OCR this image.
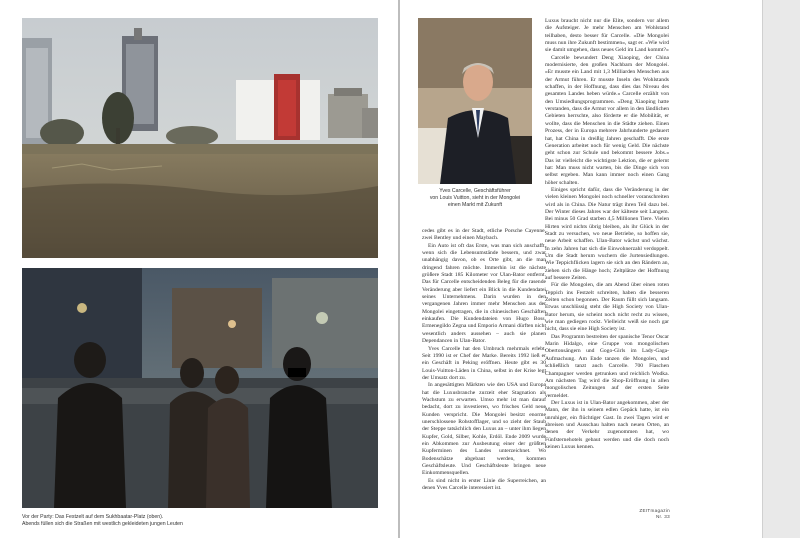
Vor der Party: Das Festzelt auf dem Sukhbaatar-Platz (oben).
Abends füllen sich die Straßen mit westlich gekleideten jungen Leuten
Yves Carcelle, Geschäftsführer
von Louis Vuitton, sieht in der Mongolei
einen Markt mit Zukunft

cedes gibt es in der Stadt, etliche Porsche Cayenne, zwei Bentley und einen Maybach.

Ein Auto ist oft das Erste, was man sich anschafft, wenn sich die Lebensumstände bessern, und zwar unabhängig davon, ob es Orte gibt, an die man dringend fahren möchte. Immerhin ist die nächste größere Stadt 185 Kilometer vor Ulan-Bator entfernt. Das für Carcelle entscheidenden Beleg für die rasende Veränderung aber liefert ein Blick in die Kundendatei seines Unternehmens. Darin wurden in den vergangenen Jahren immer mehr Menschen aus der Mongolei eingetragen, die in chinesischen Geschäften einkaufen. Die Kundendateien von Hugo Boss, Ermenegildo Zegna und Emporio Armani dürften nicht wesentlich anders aussehen – auch sie planen Dependancen in Ulan-Bator.

Yves Carcelle hat den Umbruch mehrmals erlebt. Seit 1990 ist er Chef der Marke. Bereits 1992 ließ er ein Geschäft in Peking eröffnen. Heute gibt es 30 Louis-Vuitton-Läden in China, selbst in der Krise legt der Umsatz dort zu.

In angesättigten Märkten wie den USA und Europa hat die Luxusbranche zurzeit eher Stagnation als Wachstum zu erwarten. Umso mehr ist man darauf bedacht, dort zu investieren, wo frisches Geld neue Kunden verspricht. Die Mongolei besitzt enorme unerschlossene Rohstofflager, und so zieht der Staub der Steppe tatsächlich den Luxus an – unter ihm liegen Kupfer, Gold, Silber, Kohle, Erdöl. Ende 2009 wurde ein Abkommen zur Ausbeutung einer der größten Kupferminen des Landes unterzeichnet. Wo Bodenschätze abgebaut werden, kommen Geschäftsleute. Und Geschäftsleute bringen neue Einkommensquellen.

Es sind nicht in erster Linie die Superreichen, an denen Yves Carcelle interessiert ist.

Luxus braucht nicht nur die Elite, sondern vor allem die Aufsteiger. Je mehr Menschen am Wohlstand teilhaben, desto besser für Carcelle. »Die Mongolei muss nun ihre Zukunft bestimmen«, sagt er. »Wie wird sie damit umgehen, dass neues Geld im Land kommt?«

Carcelle bewundert Deng Xiaoping, der China modernisierte, den großen Nachbarn der Mongolei. »Er musste ein Land mit 1,3 Milliarden Menschen aus der Armut führen. Er musste Inseln des Wohlstands schaffen, in der Hoffnung, dass dies das Niveau des gesamten Landes heben würde.« Carcelle erzählt von den Umsiedlungsprogrammen. »Deng Xiaoping hatte verstanden, dass die Armut vor allem in den ländlichen Gebieten herrschte, also förderte er die Mobilität, er wollte, dass die Menschen in die Städte ziehen. Einen Prozess, der in Europa mehrere Jahrhunderte gedauert hat, hat China in dreißig Jahren geschafft. Die erste Generation arbeitet noch für wenig Geld. Die nächste geht schon zur Schule und bekommt bessere Jobs.« Das ist vielleicht die wichtigste Lektion, die er gelernt hat: Man muss nicht warten, bis die Dinge sich von selbst ergeben. Man kann immer noch einen Gang höher schalten.

Einiges spricht dafür, dass die Veränderung in der vielen kleinen Mongolei noch schneller voranschreiten wird als in China. Die Natur trägt ihren Teil dazu bei. Der Winter dieses Jahres war der kälteste seit Langem. Bei minus 50 Grad starben 4,5 Millionen Tiere. Vielen Hirten wird nichts übrig bleiben, als ihr Glück in der Stadt zu versuchen, wo neue Betriebe, so hoffen sie, neue Arbeit schaffen. Ulan-Bator wächst und wächst. In zehn Jahren hat sich die Einwohnerzahl verdoppelt. Um die Stadt herum wuchern die Jurtensiedlungen. Wie Teppichflicken lagern sie sich an den Rändern an, ziehen sich die Hänge hoch; Zeltplätze der Hoffnung auf bessere Zeiten.

Für die Mongolen, die am Abend über einen roten Teppich ins Festzelt schreiten, haben die besseren Zeiten schon begonnen. Der Raum füllt sich langsam. Etwas unschlüssig steht die High Society von Ulan-Bator herum, sie scheint noch nicht recht zu wissen, wie man gediegen rockt. Vielleicht weiß sie noch gar nicht, dass sie eine High Society ist.

Das Programm bestreiten der spanische Tenor Oscar Marin Hidalgo, eine Gruppe von mongolischen Obertonsängern und Gogo-Girls im Lady-Gaga-Aufmachung. Am Ende tanzen die Mongolen, und schließlich tanzt auch Carcelle. 700 Flaschen Champagner werden getrunken und reichlich Wodka. Am nächsten Tag wird die Shop-Eröffnung in allen mongolischen Zeitungen auf der ersten Seite vermeldet.

Der Luxus ist in Ulan-Bator angekommen, aber der Mann, der ihn in seinem edlen Gepäck hatte, ist ein unruhiger, ein flüchtiger Gast. In zwei Tagen wird er abreisen und Ausschau halten nach neuen Orten, an denen der Verkehr zugenommen hat, wo Fünfsternehotels gebaut werden und die doch noch keinen Luxus kennen.

ZEITmagazin
Nr. 33
